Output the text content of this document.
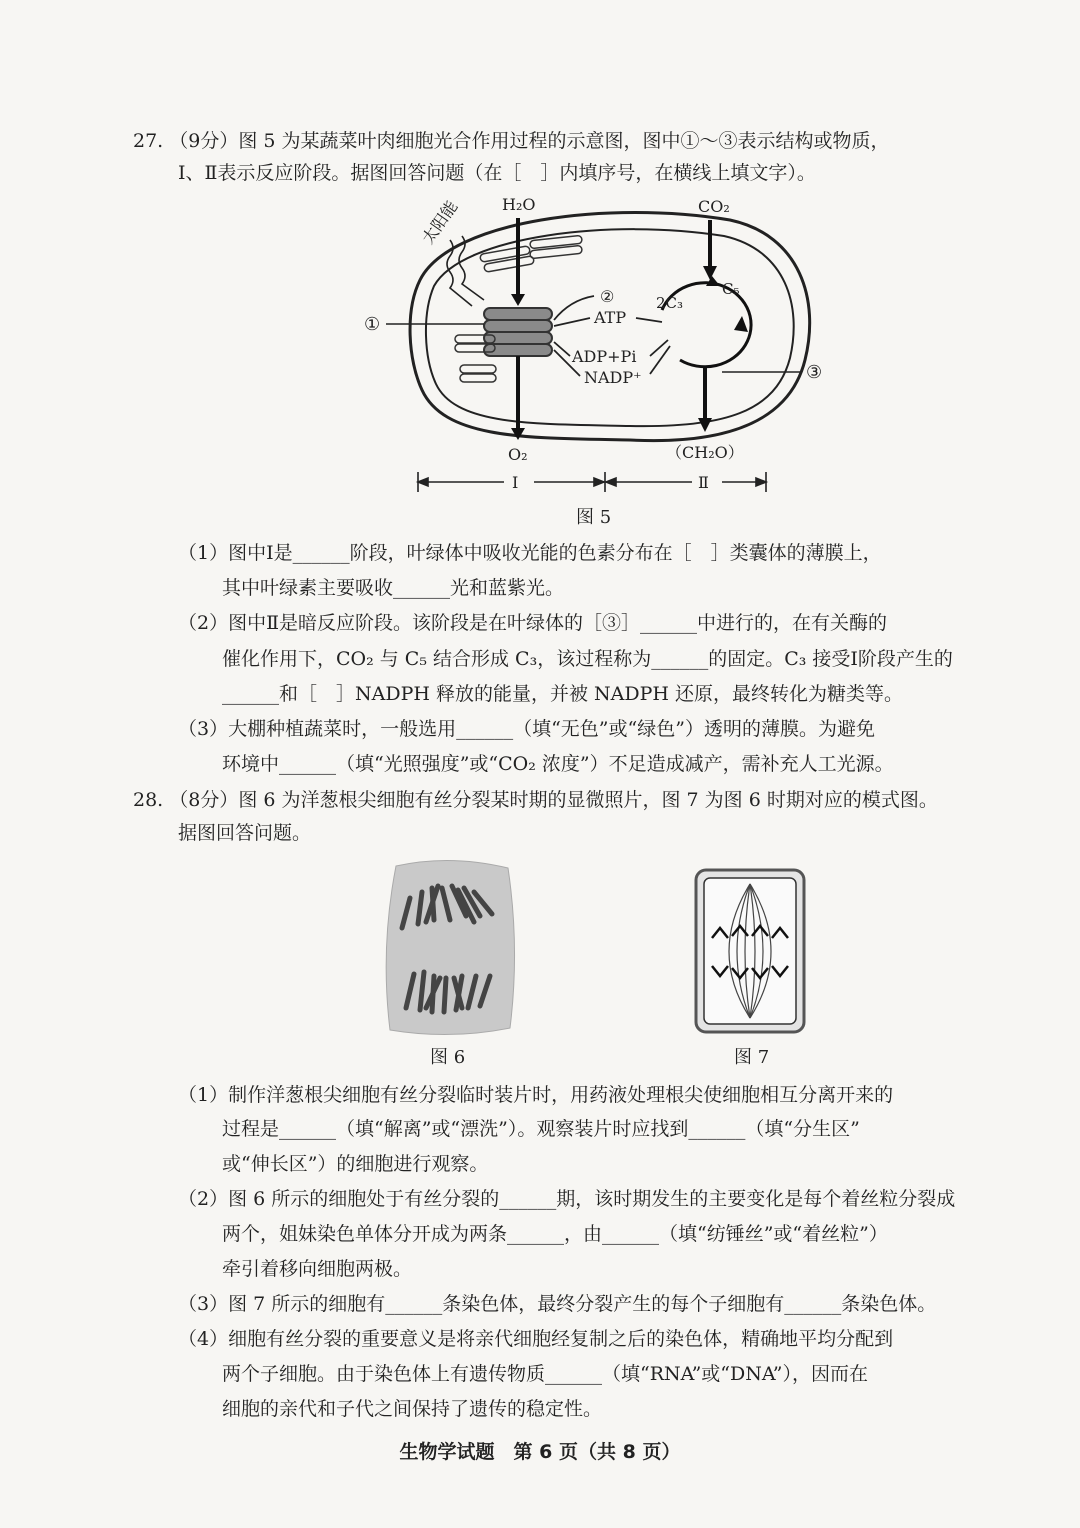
27. （9分）图 5 为某蔬菜叶肉细胞光合作用过程的示意图，图中①～③表示结构或物质，
Ⅰ、Ⅱ表示反应阶段。据图回答问题（在［　］内填序号，在横线上填文字）。
太阳能	H₂O
O₂
①
②
ATP
ADP+Pi
NADP⁺
2C₃
C₅
CO₂
（CH₂O）
③
Ⅰ	Ⅱ
图 5
（1）图中Ⅰ是______阶段，叶绿体中吸收光能的色素分布在［　］类囊体的薄膜上，
其中叶绿素主要吸收______光和蓝紫光。
（2）图中Ⅱ是暗反应阶段。该阶段是在叶绿体的［③］______中进行的，在有关酶的
催化作用下，CO₂ 与 C₅ 结合形成 C₃，该过程称为______的固定。C₃ 接受Ⅰ阶段产生的
______和［　］NADPH 释放的能量，并被 NADPH 还原，最终转化为糖类等。
（3）大棚种植蔬菜时，一般选用______（填“无色”或“绿色”）透明的薄膜。为避免
环境中______（填“光照强度”或“CO₂ 浓度”）不足造成减产，需补充人工光源。
28. （8分）图 6 为洋葱根尖细胞有丝分裂某时期的显微照片，图 7 为图 6 时期对应的模式图。
据图回答问题。
图 6	图 7
（1）制作洋葱根尖细胞有丝分裂临时装片时，用药液处理根尖使细胞相互分离开来的
过程是______（填“解离”或“漂洗”）。观察装片时应找到______（填“分生区”
或“伸长区”）的细胞进行观察。
（2）图 6 所示的细胞处于有丝分裂的______期，该时期发生的主要变化是每个着丝粒分裂成
两个，姐妹染色单体分开成为两条______，由______（填“纺锤丝”或“着丝粒”）
牵引着移向细胞两极。
（3）图 7 所示的细胞有______条染色体，最终分裂产生的每个子细胞有______条染色体。
（4）细胞有丝分裂的重要意义是将亲代细胞经复制之后的染色体，精确地平均分配到
两个子细胞。由于染色体上有遗传物质______（填“RNA”或“DNA”），因而在
细胞的亲代和子代之间保持了遗传的稳定性。
生物学试题　第 6 页（共 8 页）
